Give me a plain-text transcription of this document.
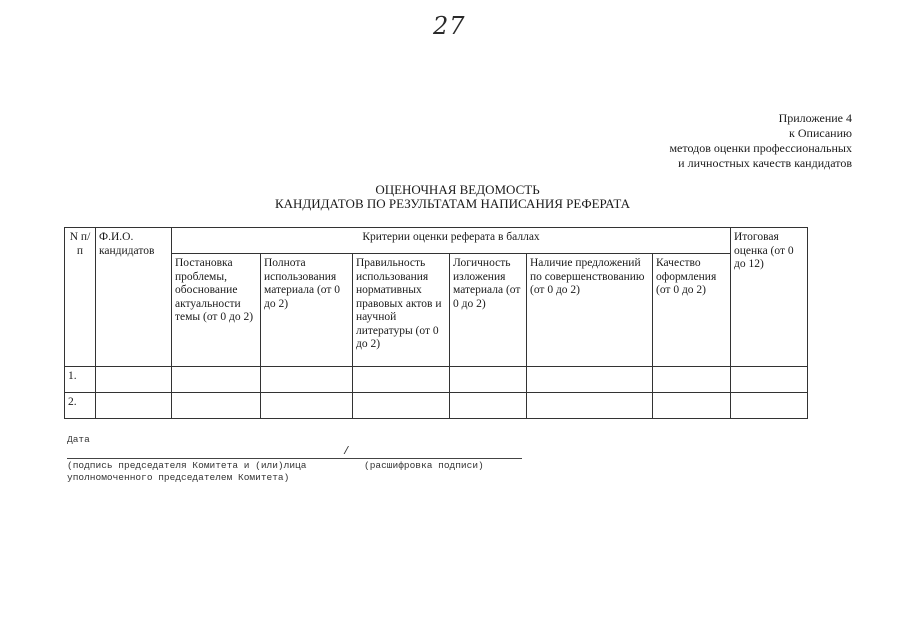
27
Приложение 4
к Описанию
методов оценки профессиональных
и личностных качеств кандидатов
ОЦЕНОЧНАЯ ВЕДОМОСТЬ
КАНДИДАТОВ ПО РЕЗУЛЬТАТАМ НАПИСАНИЯ РЕФЕРАТА
N п/п	Ф.И.О. кандидатов	Критерии оценки реферата в баллах						Итоговая оценка (от 0 до 12)
		Постановка проблемы, обоснование актуальности темы (от 0 до 2)	Полнота использования материала (от 0 до 2)	Правильность использования нормативных правовых актов и научной литературы (от 0 до 2)	Логичность изложения материала (от 0 до 2)	Наличие предложений по совершенствованию (от 0 до 2)	Качество оформления (от 0 до 2)	
1.								
2.								
Дата
/
(подпись председателя Комитета и (или)лица
уполномоченного председателем Комитета)
(расшифровка подписи)
